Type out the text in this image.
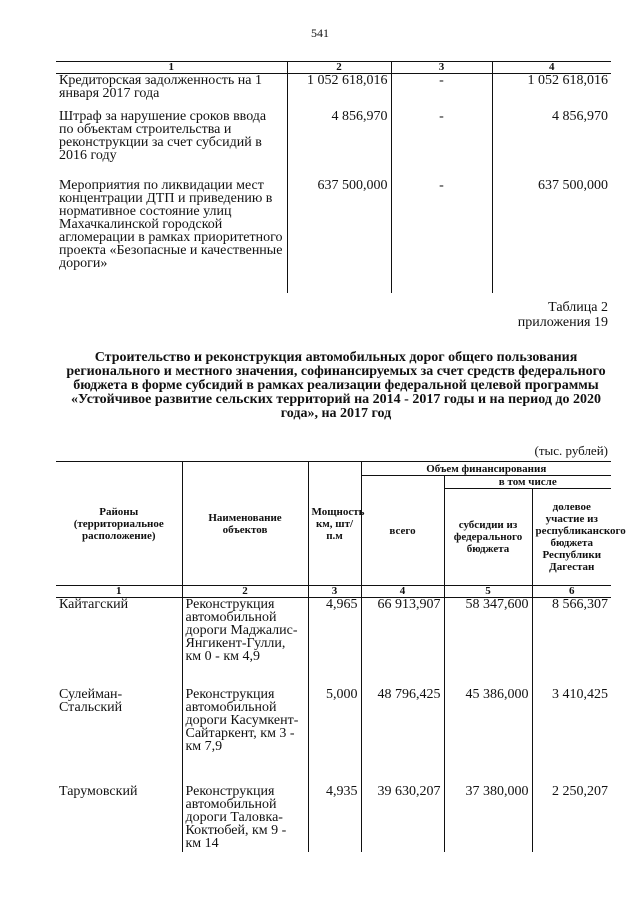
541
1	2	3	4
Кредиторская задолженность на 1 января 2017 года	1 052 618,016	-	1 052 618,016
Штраф за нарушение сроков ввода по объектам строительства и реконструкции за счет субсидий в 2016 году	4 856,970	-	4 856,970
Мероприятия по ликвидации мест концентрации ДТП и приведению в нормативное состояние улиц Махачкалинской городской агломерации в рамках приоритетного проекта «Безопасные и качественные дороги»	637 500,000	-	637 500,000
Таблица 2
приложения 19
Строительство и реконструкция автомобильных дорог общего пользования регионального и местного значения, софинансируемых за счет средств федерального бюджета в форме субсидий в рамках реализации федеральной целевой программы «Устойчивое развитие сельских территорий на 2014 - 2017 годы и на период до 2020 года», на 2017 год
(тыс. рублей)
Районы (территориальное расположение)	Наименование объектов	Мощность км, шт/п.м	Объем финансирования		
			всего	в том числе	
				субсидии из федерального бюджета	долевое участие из республиканского бюджета Республики Дагестан
1	2	3	4	5	6
Кайтагский	Реконструкция автомобильной дороги Маджалис-Янгикент-Гулли, км 0 - км 4,9	4,965	66 913,907	58 347,600	8 566,307
Сулейман-Стальский	Реконструкция автомобильной дороги Касумкент-Сайтаркент, км 3 - км 7,9	5,000	48 796,425	45 386,000	3 410,425
Тарумовский	Реконструкция автомобильной дороги Таловка-Коктюбей, км 9 - км 14	4,935	39 630,207	37 380,000	2 250,207
